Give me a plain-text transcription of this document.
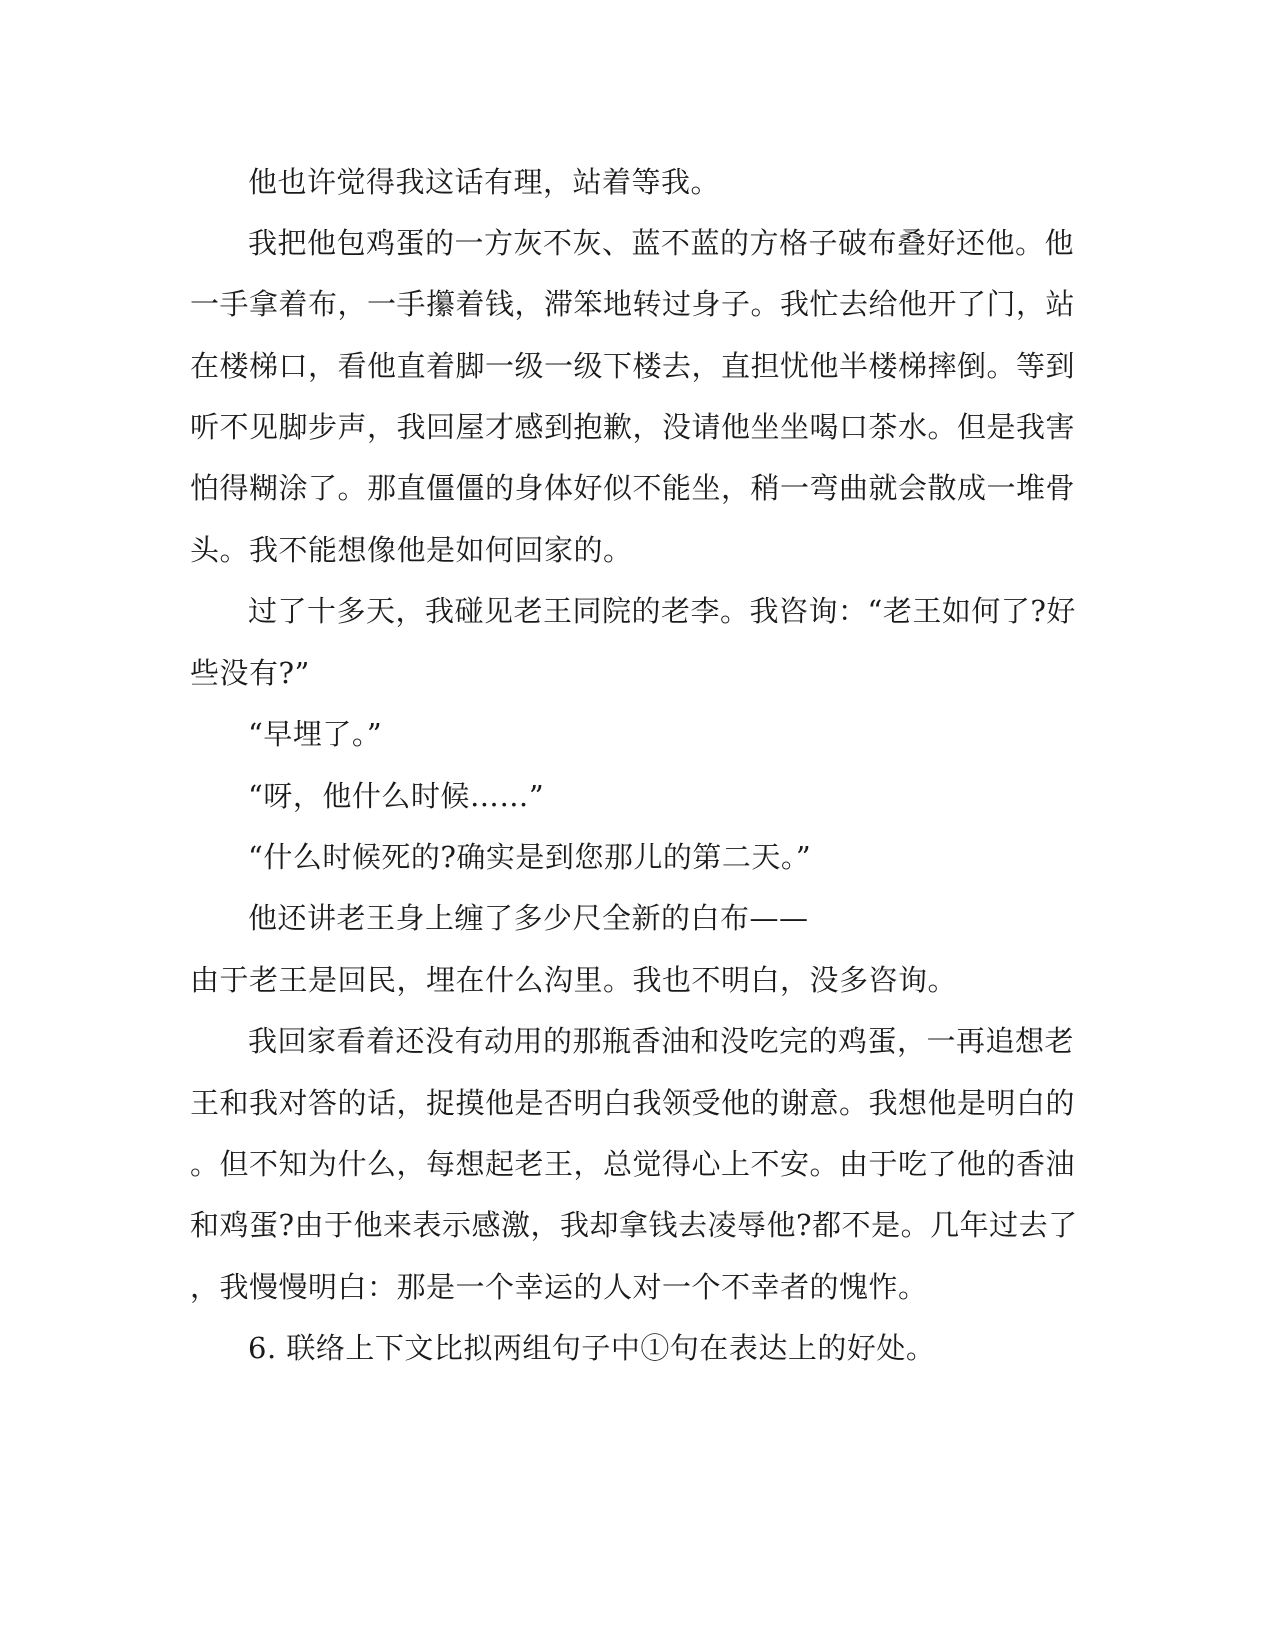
他也许觉得我这话有理，站着等我。
我把他包鸡蛋的一方灰不灰、蓝不蓝的方格子破布叠好还他。他
一手拿着布，一手攥着钱，滞笨地转过身子。我忙去给他开了门，站
在楼梯口，看他直着脚一级一级下楼去，直担忧他半楼梯摔倒。等到
听不见脚步声，我回屋才感到抱歉，没请他坐坐喝口茶水。但是我害
怕得糊涂了。那直僵僵的身体好似不能坐，稍一弯曲就会散成一堆骨
头。我不能想像他是如何回家的。
过了十多天，我碰见老王同院的老李。我咨询：“老王如何了?好
些没有?”
“早埋了。”
“呀，他什么时候……”
“什么时候死的?确实是到您那儿的第二天。”
他还讲老王身上缠了多少尺全新的白布——
由于老王是回民，埋在什么沟里。我也不明白，没多咨询。
我回家看着还没有动用的那瓶香油和没吃完的鸡蛋，一再追想老
王和我对答的话，捉摸他是否明白我领受他的谢意。我想他是明白的
。但不知为什么，每想起老王，总觉得心上不安。由于吃了他的香油
和鸡蛋?由于他来表示感激，我却拿钱去凌辱他?都不是。几年过去了
，我慢慢明白：那是一个幸运的人对一个不幸者的愧怍。
6. 联络上下文比拟两组句子中①句在表达上的好处。
